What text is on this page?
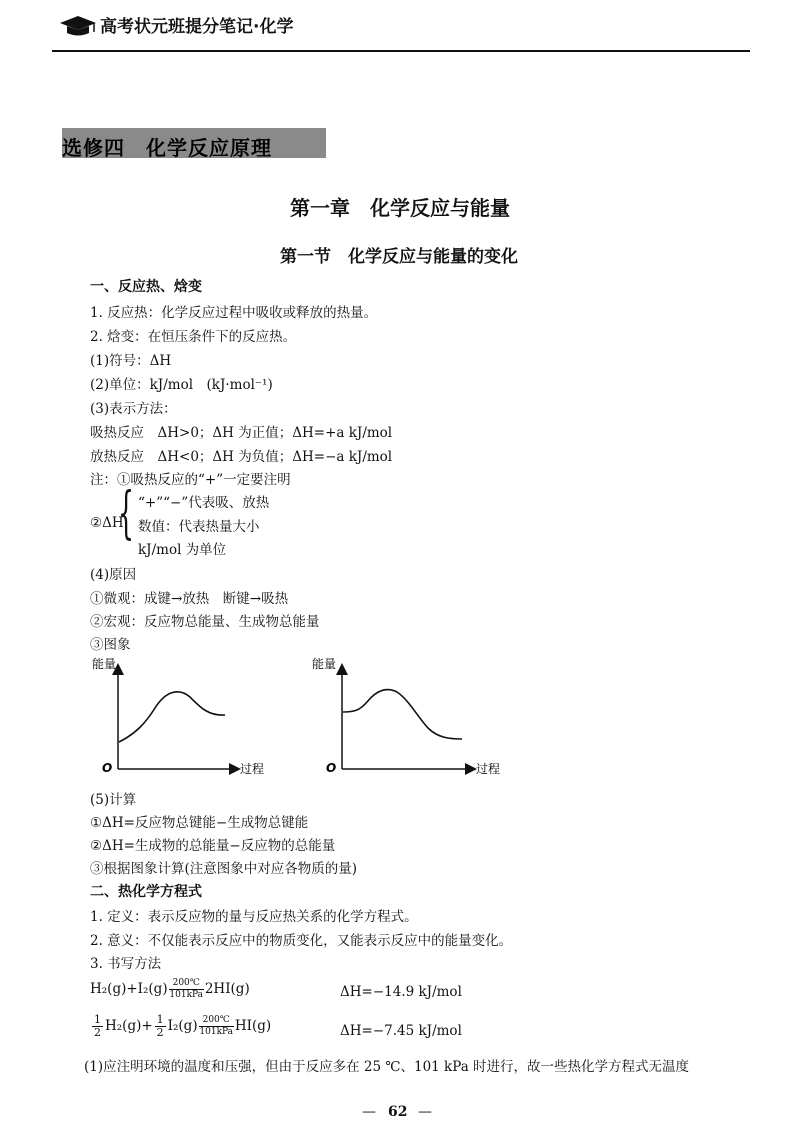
高考状元班提分笔记·化学
选修四　化学反应原理
第一章　化学反应与能量
第一节　化学反应与能量的变化
一、反应热、焓变
1. 反应热：化学反应过程中吸收或释放的热量。
2. 焓变：在恒压条件下的反应热。
(1)符号：ΔH
(2)单位：kJ/mol　(kJ·mol⁻¹)
(3)表示方法：
吸热反应　ΔH>0；ΔH 为正值；ΔH=+a kJ/mol
放热反应　ΔH<0；ΔH 为负值；ΔH=−a kJ/mol
注：①吸热反应的“+”一定要注明
②ΔH
{ “+”“−”代表吸、放热
数值：代表热量大小
kJ/mol 为单位
(4)原因
①微观：成键→放热　断键→吸热
②宏观：反应物总能量、生成物总能量
③图象
能量
过程
O
能量
过程
O
(5)计算
①ΔH=反应物总键能−生成物总键能
②ΔH=生成物的总能量−反应物的总能量
③根据图象计算(注意图象中对应各物质的量)
二、热化学方程式
1. 定义：表示反应物的量与反应热关系的化学方程式。
2. 意义：不仅能表示反应中的物质变化，又能表示反应中的能量变化。
3. 书写方法
H₂(g)+I₂(g) 200℃
101kPa 2HI(g)	ΔH=−14.9 kJ/mol
$\frac{1}{2} H_2(g)+ \frac{1}{2} I_2(g)$ 200℃
101kPa HI(g)	ΔH=−7.45 kJ/mol
(1)应注明环境的温度和压强，但由于反应多在 25 ℃、101 kPa 时进行，故一些热化学方程式无温度
— 62 —
